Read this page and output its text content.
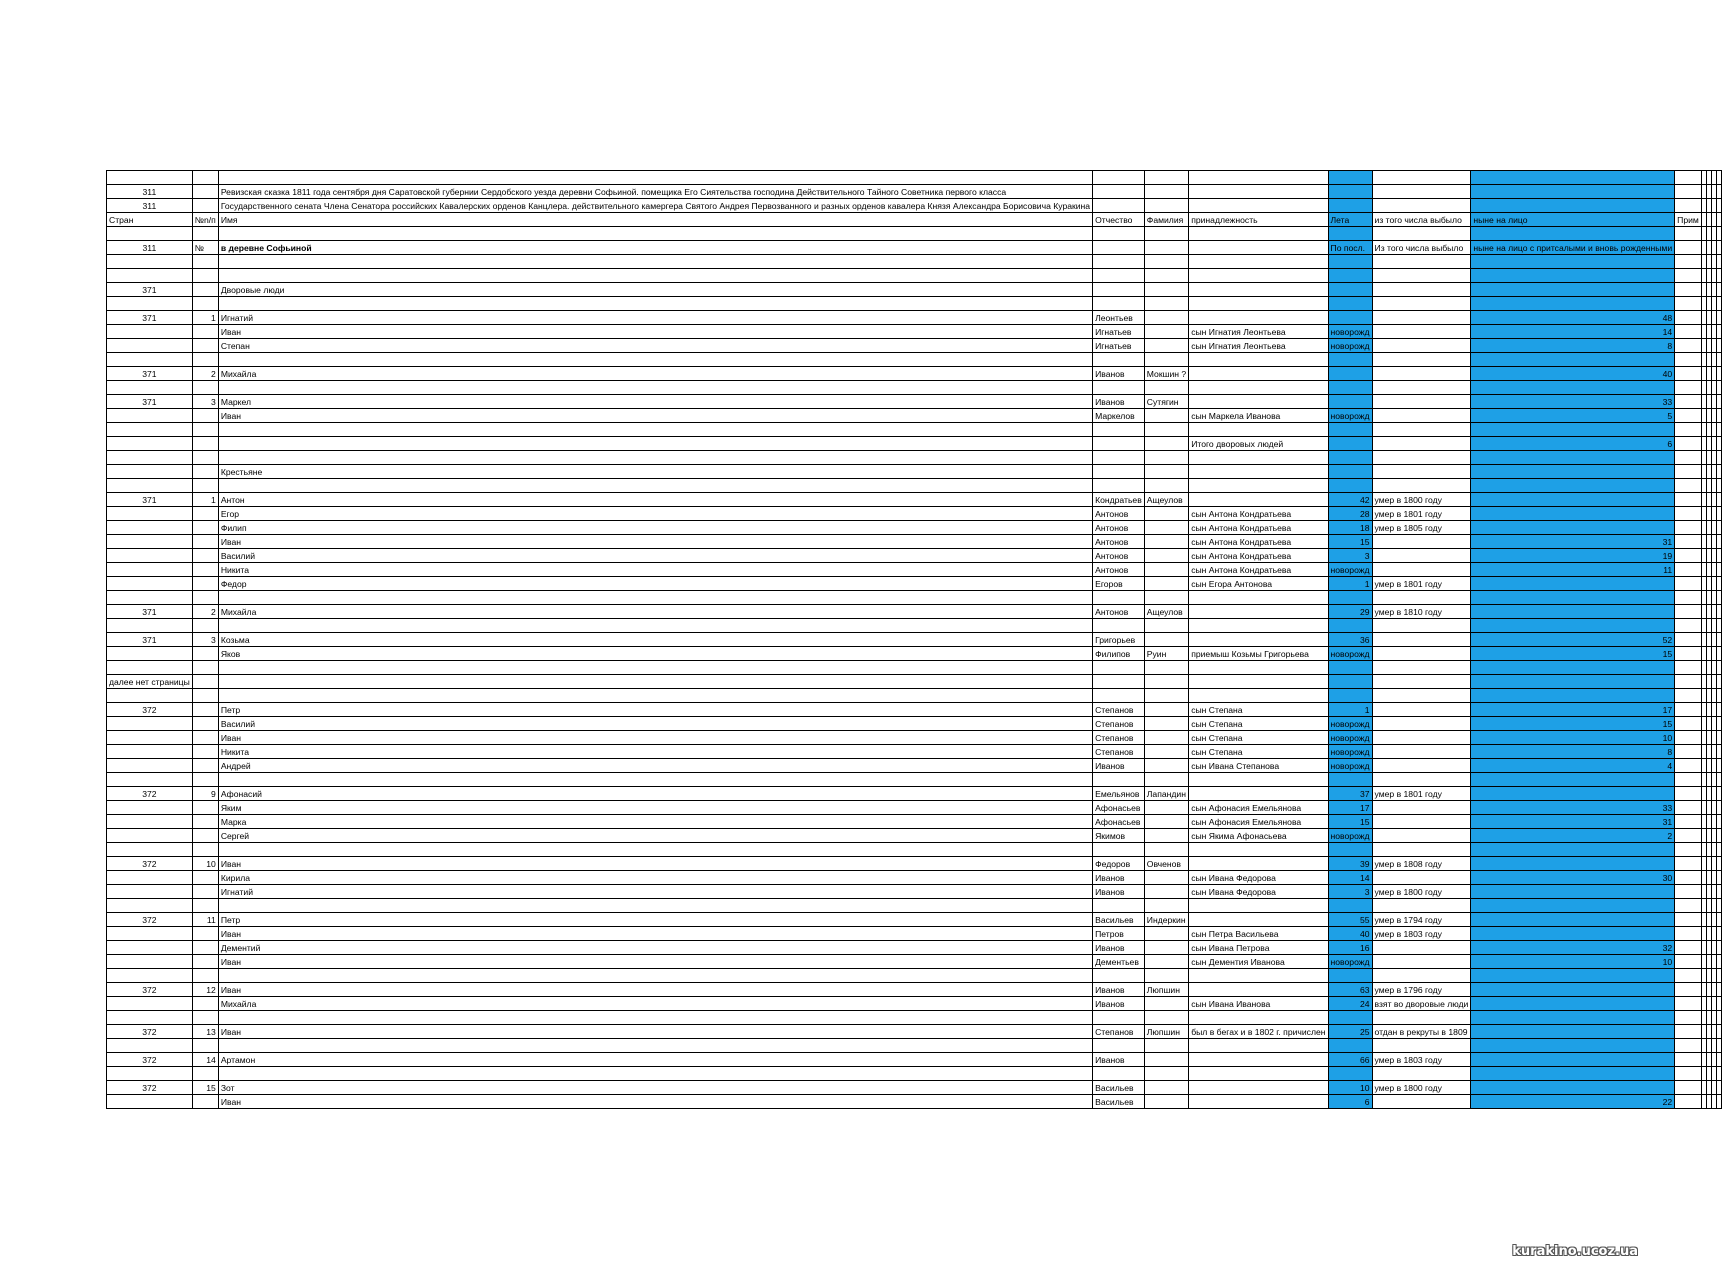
311		Ревизская сказка 1811 года сентября дня Саратовской губернии Сердобского уезда деревни Софьиной. помещика Его Сиятельства господина Действительного Тайного Советника первого класса											
311		Государственного сената Члена Сенатора российских Кавалерских орденов Канцлера. действительного камергера Святого Андрея Первозванного и разных орденов кавалера Князя Александра Борисовича Куракина											
Стран	№n/п	Имя	Отчество	Фамилия	принадлежность	Лета	из того числа выбыло	ныне на лицо	Прим				

311	№	в деревне Софьиной				По посл.	Из того числа выбыло	ныне на лицо с притсалыми и вновь рожденными					

371		Дворовые люди											

371	1	Игнатий	Леонтьев					48					
		Иван	Игнатьев		сын Игнатия Леонтьева	новорожд		14					
		Степан	Игнатьев		сын Игнатия Леонтьева	новорожд		8					

371	2	Михайла	Иванов	Мокшин ?				40					

371	3	Маркел	Иванов	Сутягин				33					
		Иван	Маркелов		сын Маркела Иванова	новорожд		5					

					Итого дворовых людей			6					

		Крестьяне											

371	1	Антон	Кондратьев	Ащеулов		42	умер в 1800 году						
		Егор	Антонов		сын Антона Кондратьева	28	умер в 1801 году						
		Филип	Антонов		сын Антона Кондратьева	18	умер в 1805 году						
		Иван	Антонов		сын Антона Кондратьева	15		31					
		Василий	Антонов		сын Антона Кондратьева	3		19					
		Никита	Антонов		сын Антона Кондратьева	новорожд		11					
		Федор	Егоров		сын Егора Антонова	1	умер в 1801 году						

371	2	Михайла	Антонов	Ащеулов		29	умер в 1810 году						

371	3	Козьма	Григорьев			36		52					
		Яков	Филипов	Руин	приемыш Козьмы Григорьева	новорожд		15					

далее нет страницы													

372		Петр	Степанов		сын Степана	1		17					
		Василий	Степанов		сын Степана	новорожд		15					
		Иван	Степанов		сын Степана	новорожд		10					
		Никита	Степанов		сын Степана	новорожд		8					
		Андрей	Иванов		сын Ивана Степанова	новорожд		4					

372	9	Афонасий	Емельянов	Лапандин		37	умер в 1801 году						
		Яким	Афонасьев		сын Афонасия Емельянова	17		33					
		Марка	Афонасьев		сын Афонасия Емельянова	15		31					
		Сергей	Якимов		сын Якима Афонасьева	новорожд		2					

372	10	Иван	Федоров	Овченов		39	умер в 1808 году						
		Кирила	Иванов		сын Ивана Федорова	14		30					
		Игнатий	Иванов		сын Ивана Федорова	3	умер в 1800 году						

372	11	Петр	Васильев	Индеркин		55	умер в 1794 году						
		Иван	Петров		сын Петра Васильева	40	умер в 1803 году						
		Дементий	Иванов		сын Ивана Петрова	16		32					
		Иван	Дементьев		сын Дементия Иванова	новорожд		10					

372	12	Иван	Иванов	Люпшин		63	умер в 1796 году						
		Михайла	Иванов		сын Ивана Иванова	24	взят во дворовые люди						

372	13	Иван	Степанов	Люпшин	был в бегах и в 1802 г. причислен	25	отдан в рекруты в 1809						

372	14	Артамон	Иванов			66	умер в 1803 году						

372	15	Зот	Васильев			10	умер в 1800 году						
		Иван	Васильев			6		22					
kurakino.ucoz.ua
